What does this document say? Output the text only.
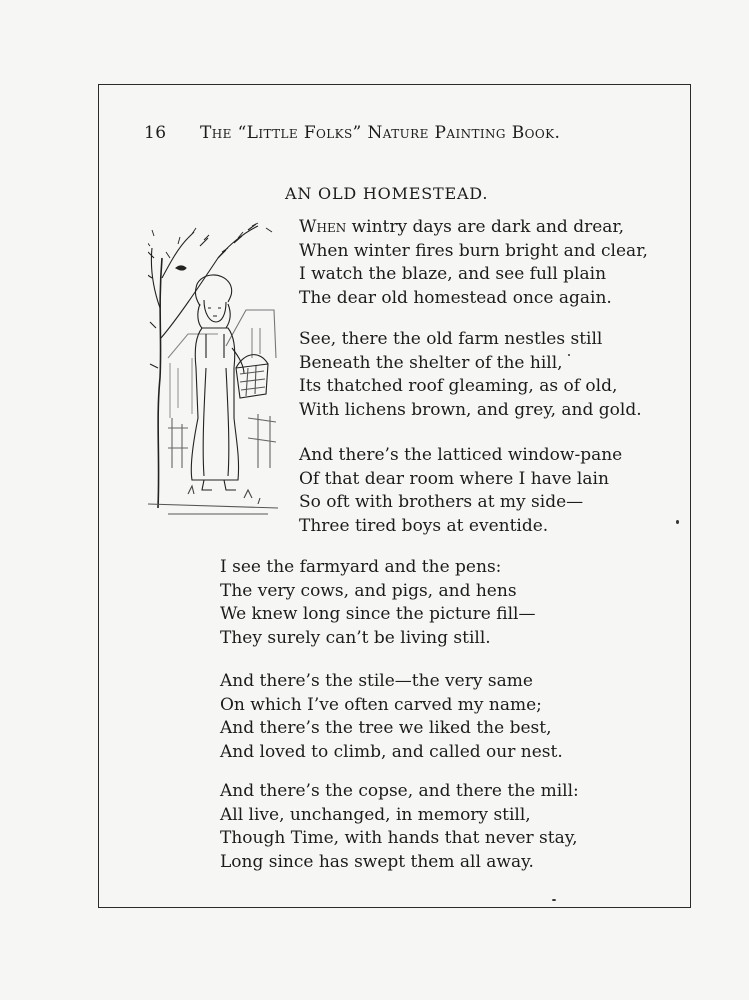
16 The “Little Folks” Nature Painting Book.
AN OLD HOMESTEAD.
When wintry days are dark and drear,
When winter fires burn bright and clear,
I watch the blaze, and see full plain
The dear old homestead once again.
See, there the old farm nestles still
Beneath the shelter of the hill,
Its thatched roof gleaming, as of old,
With lichens brown, and grey, and gold.
And there’s the latticed window-pane
Of that dear room where I have lain
So oft with brothers at my side—
Three tired boys at eventide.
I see the farmyard and the pens:
The very cows, and pigs, and hens
We knew long since the picture fill—
They surely can’t be living still.
And there’s the stile—the very same
On which I’ve often carved my name;
And there’s the tree we liked the best,
And loved to climb, and called our nest.
And there’s the copse, and there the mill:
All live, unchanged, in memory still,
Though Time, with hands that never stay,
Long since has swept them all away.
